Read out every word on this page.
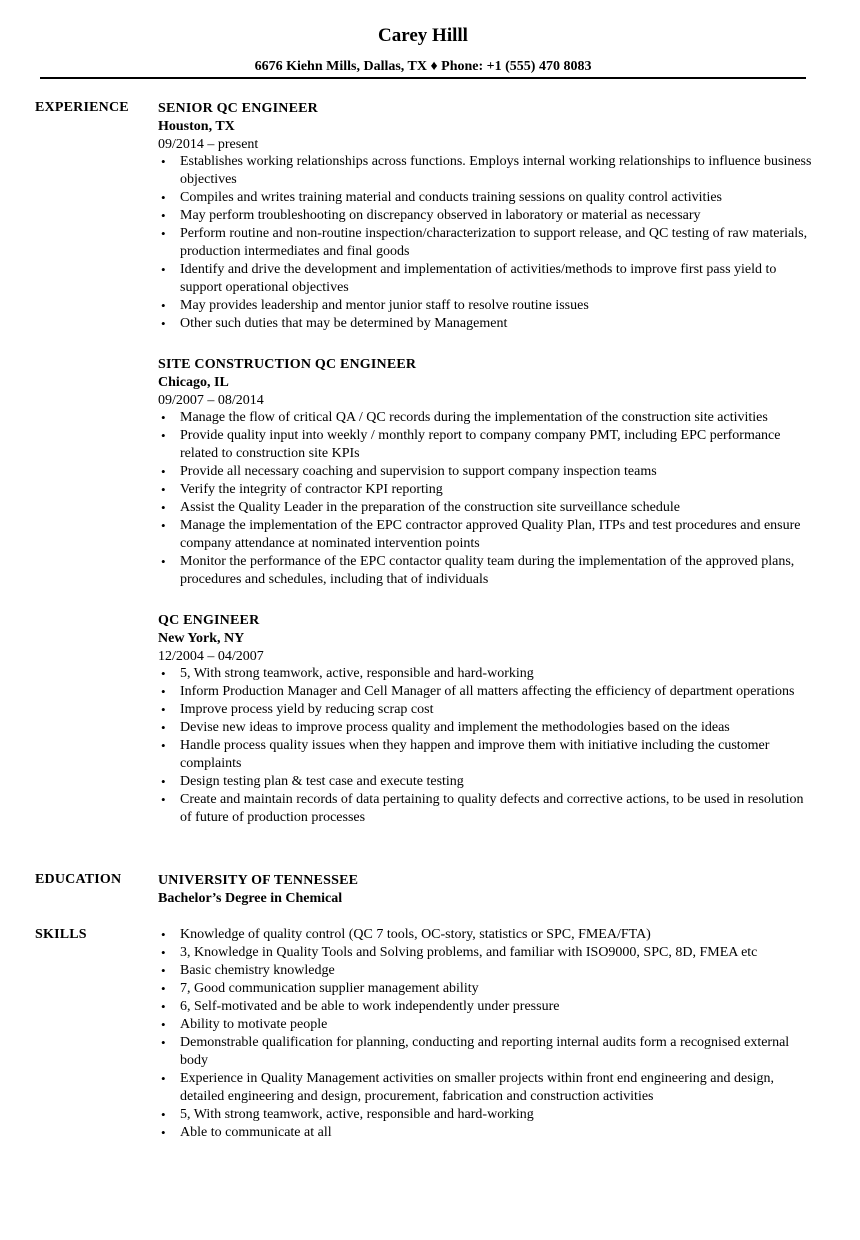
Carey Hilll
6676 Kiehn Mills, Dallas, TX ♦ Phone: +1 (555) 470 8083
EXPERIENCE SENIOR QC ENGINEER
Houston, TX
09/2014 – present
• Establishes working relationships across functions. Employs internal working relationships to influence business objectives
• Compiles and writes training material and conducts training sessions on quality control activities
• May perform troubleshooting on discrepancy observed in laboratory or material as necessary
• Perform routine and non-routine inspection/characterization to support release, and QC testing of raw materials, production intermediates and final goods
• Identify and drive the development and implementation of activities/methods to improve first pass yield to support operational objectives
• May provides leadership and mentor junior staff to resolve routine issues
• Other such duties that may be determined by Management
SITE CONSTRUCTION QC ENGINEER
Chicago, IL
09/2007 – 08/2014
• Manage the flow of critical QA / QC records during the implementation of the construction site activities
• Provide quality input into weekly / monthly report to company company PMT, including EPC performance related to construction site KPIs
• Provide all necessary coaching and supervision to support company inspection teams
• Verify the integrity of contractor KPI reporting
• Assist the Quality Leader in the preparation of the construction site surveillance schedule
• Manage the implementation of the EPC contractor approved Quality Plan, ITPs and test procedures and ensure company attendance at nominated intervention points
• Monitor the performance of the EPC contactor quality team during the implementation of the approved plans, procedures and schedules, including that of individuals
QC ENGINEER
New York, NY
12/2004 – 04/2007
• 5, With strong teamwork, active, responsible and hard-working
• Inform Production Manager and Cell Manager of all matters affecting the efficiency of department operations
• Improve process yield by reducing scrap cost
• Devise new ideas to improve process quality and implement the methodologies based on the ideas
• Handle process quality issues when they happen and improve them with initiative including the customer complaints
• Design testing plan & test case and execute testing
• Create and maintain records of data pertaining to quality defects and corrective actions, to be used in resolution of future of production processes
EDUCATION	UNIVERSITY OF TENNESSEE
Bachelor’s Degree in Chemical
SKILLS
•	Knowledge of quality control (QC 7 tools, OC-story, statistics or SPC, FMEA/FTA)
• 3, Knowledge in Quality Tools and Solving problems, and familiar with ISO9000, SPC, 8D, FMEA etc
• Basic chemistry knowledge
• 7, Good communication supplier management ability
• 6, Self-motivated and be able to work independently under pressure
• Ability to motivate people
• Demonstrable qualification for planning, conducting and reporting internal audits form a recognised external body
• Experience in Quality Management activities on smaller projects within front end engineering and design, detailed engineering and design, procurement, fabrication and construction activities
• 5, With strong teamwork, active, responsible and hard-working
• Able to communicate at all
